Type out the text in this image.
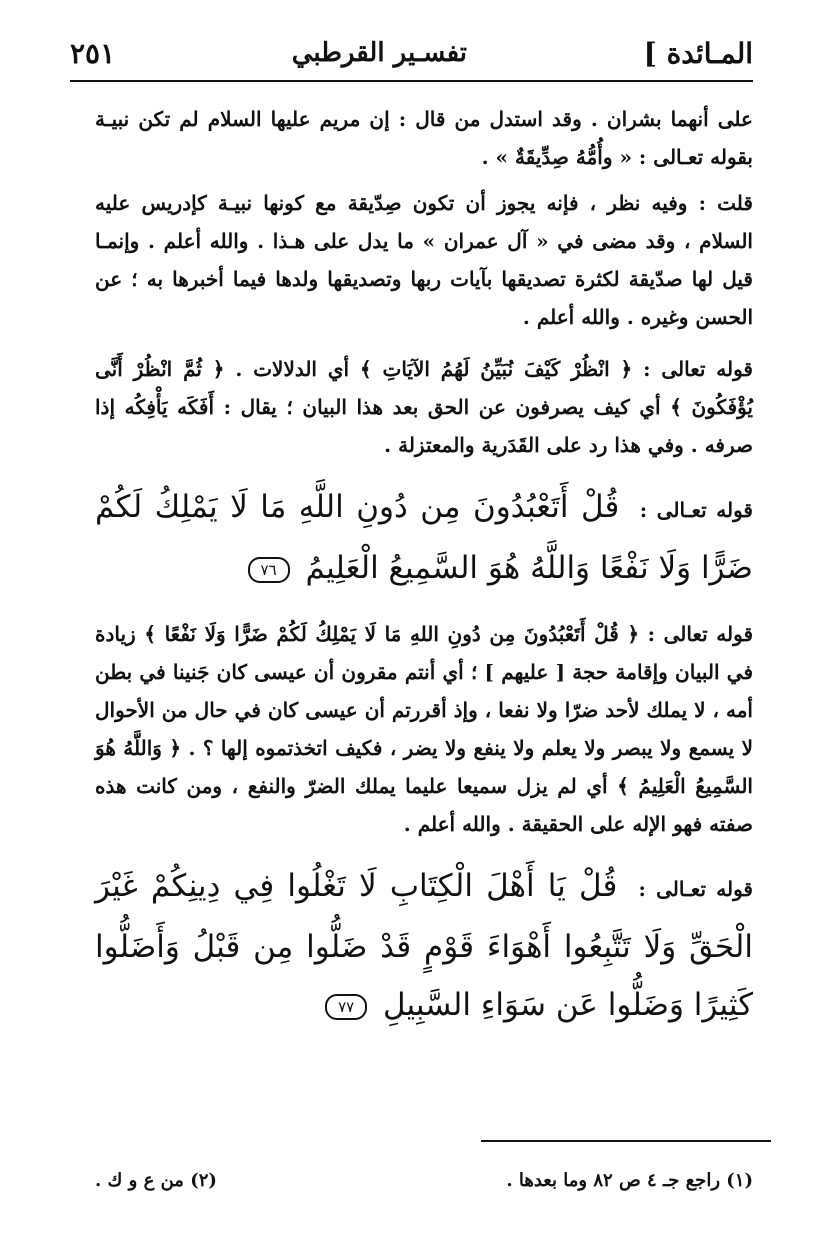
المـائدة ]
تفسـير القرطبي
٢٥١

على أنهما بشران . وقد استدل من قال : إن مريم عليها السلام لم تكن نبيـة بقوله تعـالى : « وأُمُّهُ صِدِّيقَةٌ » .

قلت : وفيه نظر ، فإنه يجوز أن تكون صِدّيقة مع كونها نبيـة كإدريس عليه السلام ، وقد مضى في « آل عمران » ما يدل على هـذا . والله أعلم . وإنمـا قيل لها صدّيقة لكثرة تصديقها بآيات ربها وتصديقها ولدها فيما أخبرها به ؛ عن الحسن وغيره . والله أعلم .

قوله تعالى : ﴿ انْظُرْ كَيْفَ نُبَيِّنُ لَهُمُ الآيَاتِ ﴾ أي الدلالات . ﴿ ثُمَّ انْظُرْ أَنَّى يُؤْفَكُونَ ﴾ أي كيف يصرفون عن الحق بعد هذا البيان ؛ يقال : أَفَكَه يَأْفِكُه إذا صرفه . وفي هذا رد على القَدَرية والمعتزلة .

قوله تعـالى : قُلْ أَتَعْبُدُونَ مِن دُونِ اللَّهِ مَا لَا يَمْلِكُ لَكُمْ ضَرًّا وَلَا نَفْعًا وَاللَّهُ هُوَ السَّمِيعُ الْعَلِيمُ ٧٦

قوله تعالى : ﴿ قُلْ أَتَعْبُدُونَ مِن دُونِ اللهِ مَا لَا يَمْلِكُ لَكُمْ ضَرًّا وَلَا نَفْعًا ﴾ زيادة في البيان وإقامة حجة [ عليهم ] ؛ أي أنتم مقرون أن عيسى كان جَنينا في بطن أمه ، لا يملك لأحد ضرّا ولا نفعا ، وإذ أقررتم أن عيسى كان في حال من الأحوال لا يسمع ولا يبصر ولا يعلم ولا ينفع ولا يضر ، فكيف اتخذتموه إلها ؟ . ﴿ وَاللَّهُ هُوَ السَّمِيعُ الْعَلِيمُ ﴾ أي لم يزل سميعا عليما يملك الضرّ والنفع ، ومن كانت هذه صفته فهو الإله على الحقيقة . والله أعلم .

قوله تعـالى : قُلْ يَا أَهْلَ الْكِتَابِ لَا تَغْلُوا فِي دِينِكُمْ غَيْرَ الْحَقِّ وَلَا تَتَّبِعُوا أَهْوَاءَ قَوْمٍ قَدْ ضَلُّوا مِن قَبْلُ وَأَضَلُّوا كَثِيرًا وَضَلُّوا عَن سَوَاءِ السَّبِيلِ ٧٧

(١) راجع جـ ٤ ص ٨٢ وما بعدها .
(٢) من ع و ك .
